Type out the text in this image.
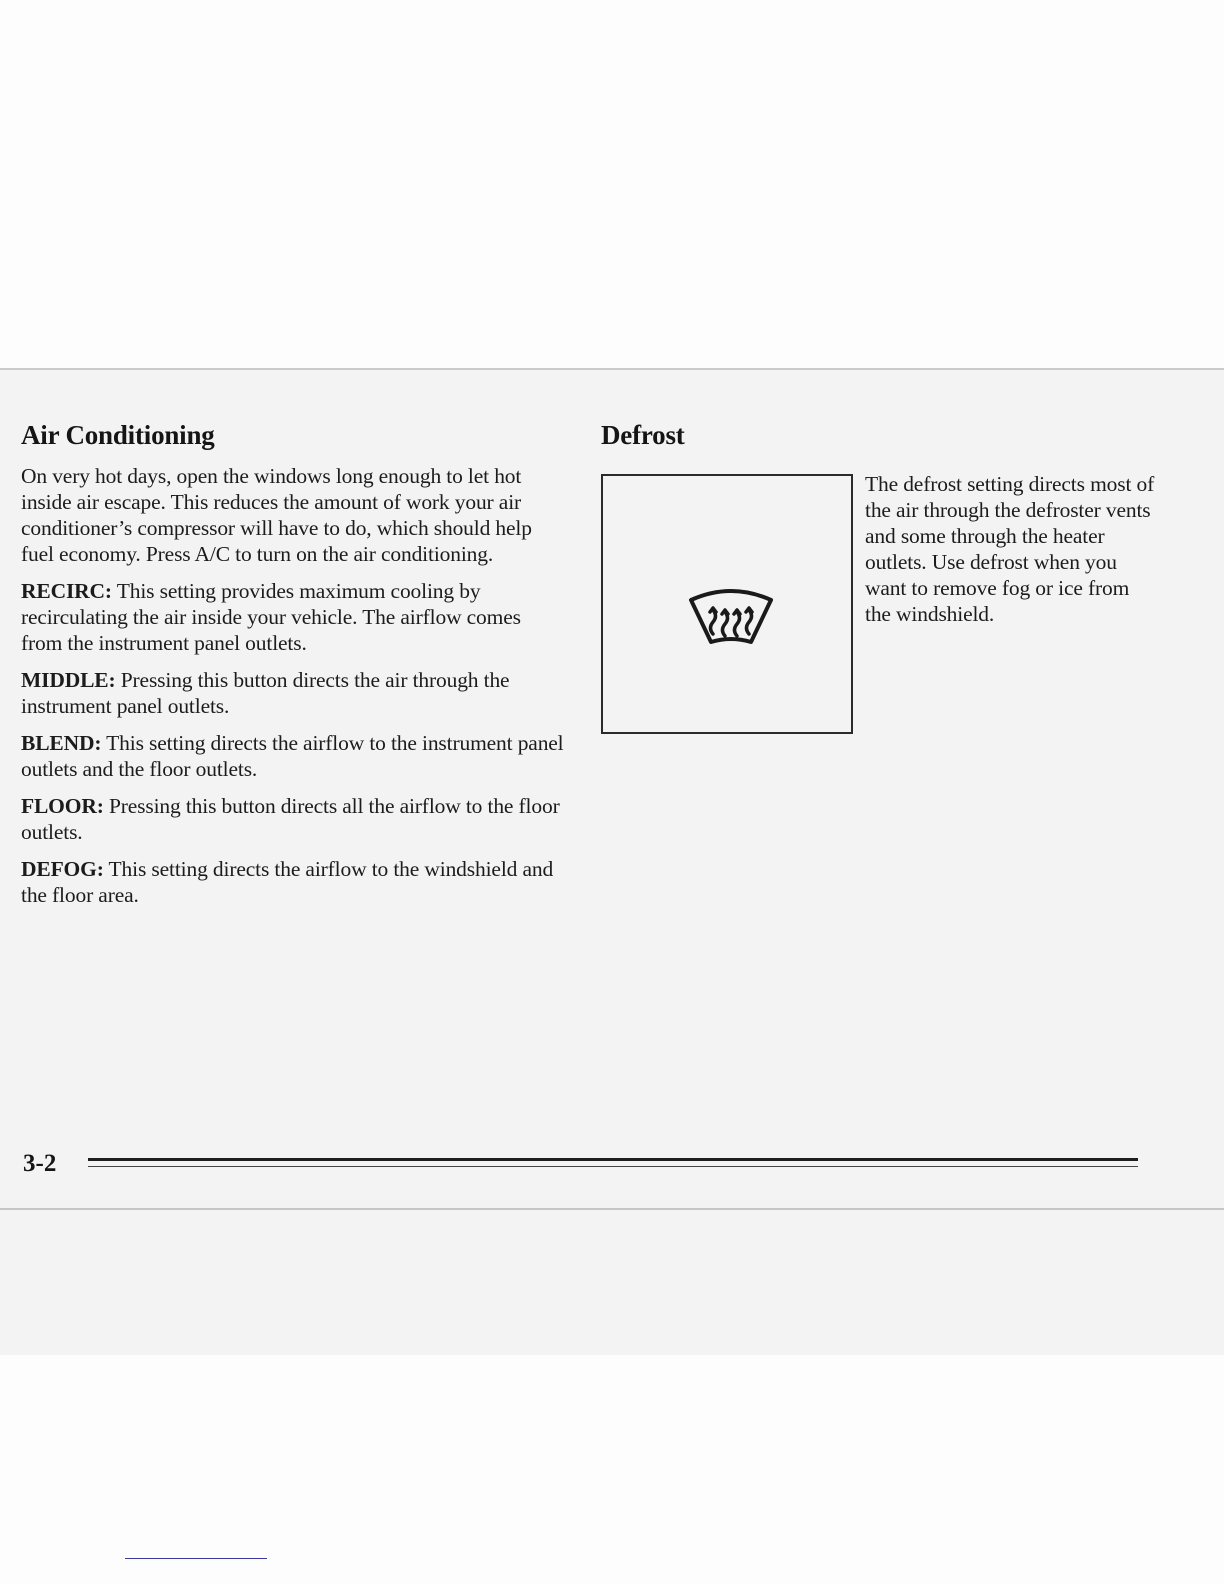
Air Conditioning

On very hot days, open the windows long enough to let hot inside air escape. This reduces the amount of work your air conditioner’s compressor will have to do, which should help fuel economy. Press A/C to turn on the air conditioning.

RECIRC: This setting provides maximum cooling by recirculating the air inside your vehicle. The airflow comes from the instrument panel outlets.

MIDDLE: Pressing this button directs the air through the instrument panel outlets.

BLEND: This setting directs the airflow to the instrument panel outlets and the floor outlets.

FLOOR: Pressing this button directs all the airflow to the floor outlets.

DEFOG: This setting directs the airflow to the windshield and the floor area.

Defrost

The defrost setting directs most of the air through the defroster vents and some through the heater outlets. Use defrost when you want to remove fog or ice from the windshield.

3-2
